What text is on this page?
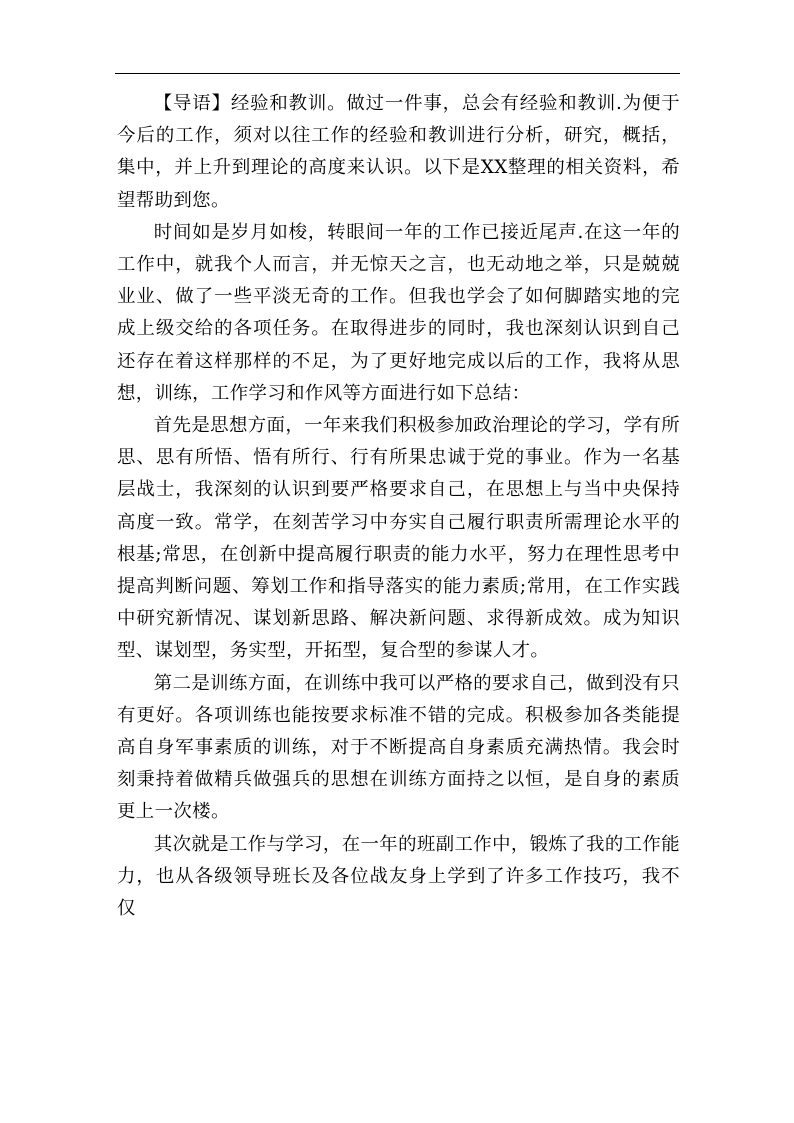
【导语】经验和教训。做过一件事，总会有经验和教训.为便于今后的工作，须对以往工作的经验和教训进行分析，研究，概括，集中，并上升到理论的高度来认识。以下是XX整理的相关资料，希望帮助到您。

时间如是岁月如梭，转眼间一年的工作已接近尾声.在这一年的工作中，就我个人而言，并无惊天之言，也无动地之举，只是兢兢业业、做了一些平淡无奇的工作。但我也学会了如何脚踏实地的完成上级交给的各项任务。在取得进步的同时，我也深刻认识到自己还存在着这样那样的不足，为了更好地完成以后的工作，我将从思想，训练，工作学习和作风等方面进行如下总结：

首先是思想方面，一年来我们积极参加政治理论的学习，学有所思、思有所悟、悟有所行、行有所果忠诚于党的事业。作为一名基层战士，我深刻的认识到要严格要求自己，在思想上与当中央保持高度一致。常学，在刻苦学习中夯实自己履行职责所需理论水平的根基;常思，在创新中提高履行职责的能力水平，努力在理性思考中提高判断问题、筹划工作和指导落实的能力素质;常用，在工作实践中研究新情况、谋划新思路、解决新问题、求得新成效。成为知识型、谋划型，务实型，开拓型，复合型的参谋人才。

第二是训练方面，在训练中我可以严格的要求自己，做到没有只有更好。各项训练也能按要求标准不错的完成。积极参加各类能提高自身军事素质的训练，对于不断提高自身素质充满热情。我会时刻秉持着做精兵做强兵的思想在训练方面持之以恒，是自身的素质更上一次楼。

其次就是工作与学习，在一年的班副工作中，锻炼了我的工作能力，也从各级领导班长及各位战友身上学到了许多工作技巧，我不仅
